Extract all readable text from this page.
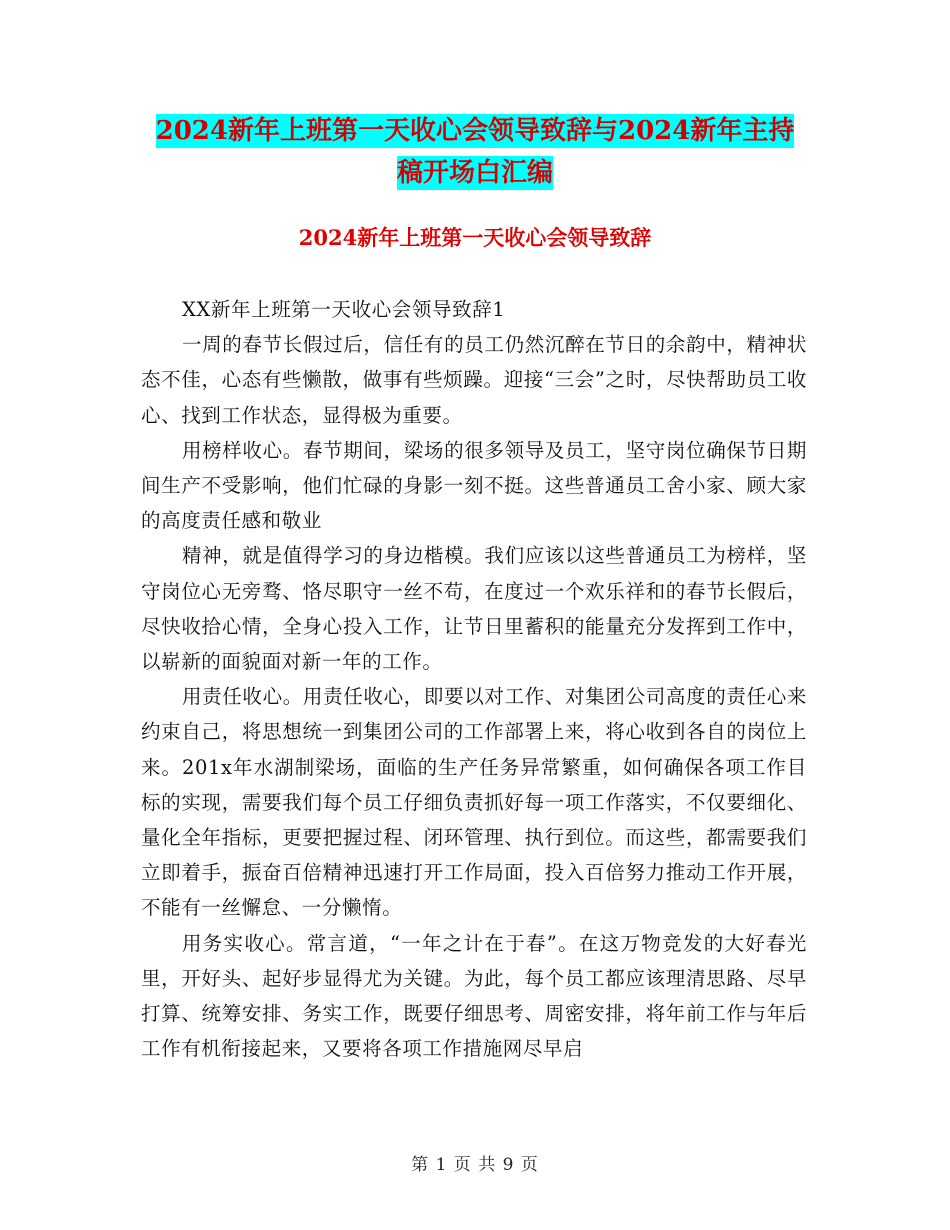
2024新年上班第一天收心会领导致辞与2024新年主持
稿开场白汇编
2024新年上班第一天收心会领导致辞

XX新年上班第一天收心会领导致辞1

一周的春节长假过后，信任有的员工仍然沉醉在节日的余韵中，精神状态不佳，心态有些懒散，做事有些烦躁。迎接“三会”之时，尽快帮助员工收心、找到工作状态，显得极为重要。

用榜样收心。春节期间，梁场的很多领导及员工，坚守岗位确保节日期间生产不受影响，他们忙碌的身影一刻不挺。这些普通员工舍小家、顾大家的高度责任感和敬业

精神，就是值得学习的身边楷模。我们应该以这些普通员工为榜样，坚守岗位心无旁骛、恪尽职守一丝不苟，在度过一个欢乐祥和的春节长假后，尽快收拾心情，全身心投入工作，让节日里蓄积的能量充分发挥到工作中，以崭新的面貌面对新一年的工作。

用责任收心。用责任收心，即要以对工作、对集团公司高度的责任心来约束自己，将思想统一到集团公司的工作部署上来，将心收到各自的岗位上来。201x年水湖制梁场，面临的生产任务异常繁重，如何确保各项工作目标的实现，需要我们每个员工仔细负责抓好每一项工作落实，不仅要细化、量化全年指标，更要把握过程、闭环管理、执行到位。而这些，都需要我们立即着手，振奋百倍精神迅速打开工作局面，投入百倍努力推动工作开展，不能有一丝懈怠、一分懒惰。

用务实收心。常言道，“一年之计在于春”。在这万物竞发的大好春光里，开好头、起好步显得尤为关键。为此，每个员工都应该理清思路、尽早打算、统筹安排、务实工作，既要仔细思考、周密安排，将年前工作与年后工作有机衔接起来，又要将各项工作措施网尽早启

第 1 页 共 9 页
